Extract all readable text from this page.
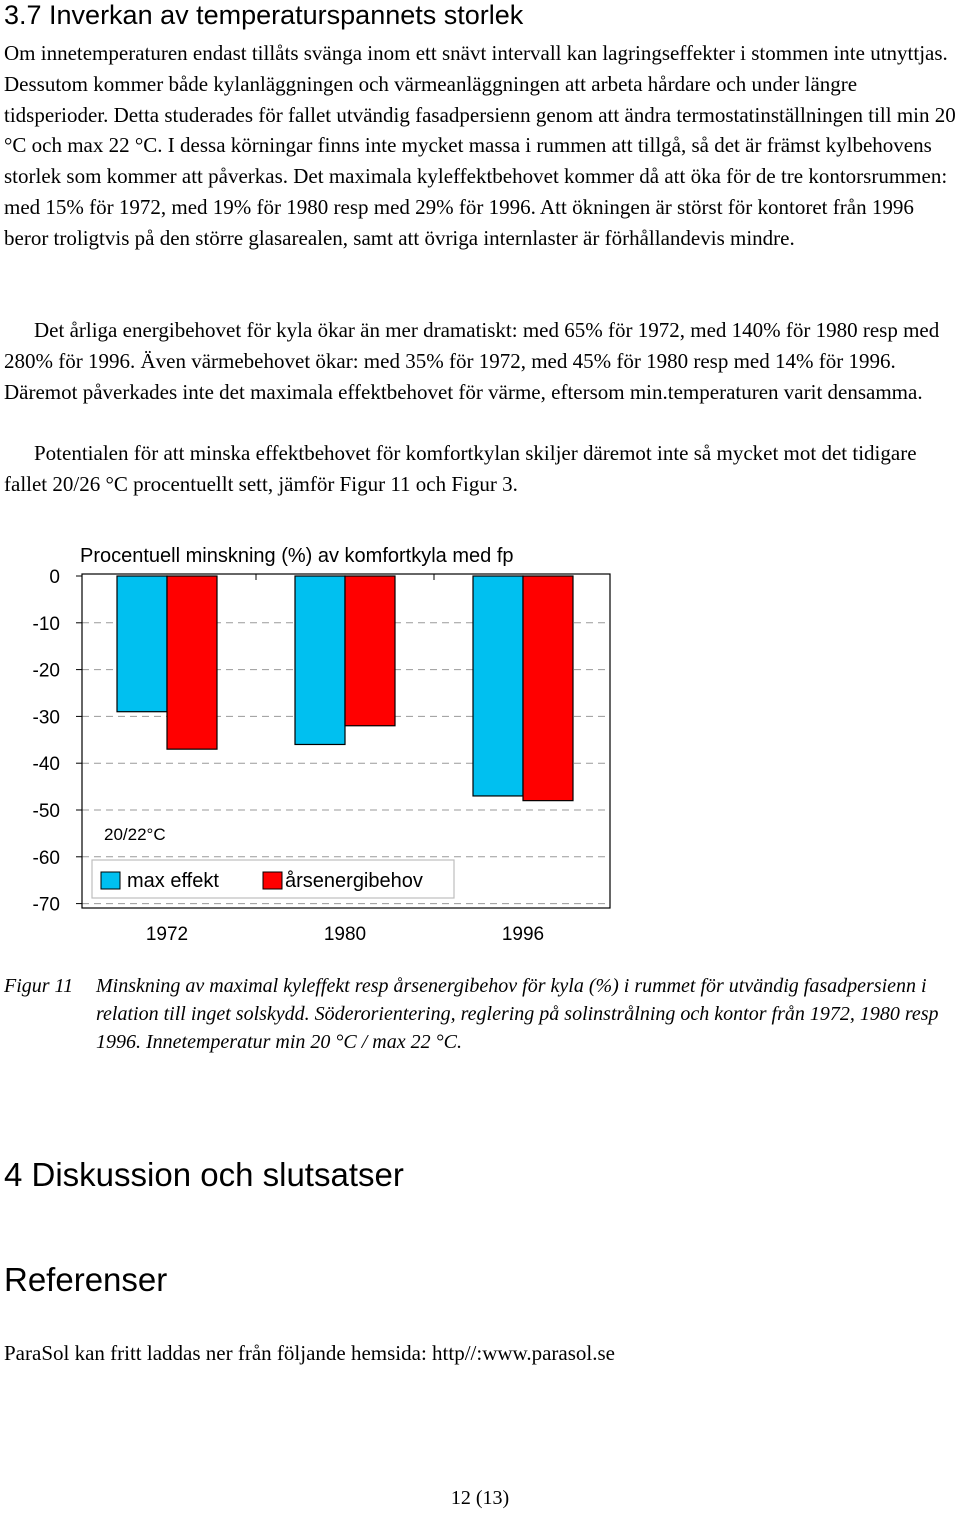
3.7 Inverkan av temperaturspannets storlek

Om innetemperaturen endast tillåts svänga inom ett snävt intervall kan lagringseffekter i stommen inte utnyttjas. Dessutom kommer både kylanläggningen och värmeanläggningen att arbeta hårdare och under längre tidsperioder. Detta studerades för fallet utvändig fasadpersienn genom att ändra termostatinställningen till min 20 °C och max 22 °C. I dessa körningar finns inte mycket massa i rummen att tillgå, så det är främst kylbehovens storlek som kommer att påverkas. Det maximala kyleffektbehovet kommer då att öka för de tre kontorsrummen: med 15% för 1972, med 19% för 1980 resp med 29% för 1996. Att ökningen är störst för kontoret från 1996 beror troligtvis på den större glasarealen, samt att övriga internlaster är förhållandevis mindre.

Det årliga energibehovet för kyla ökar än mer dramatiskt: med 65% för 1972, med 140% för 1980 resp med 280% för 1996. Även värmebehovet ökar: med 35% för 1972, med 45% för 1980 resp med 14% för 1996. Däremot påverkades inte det maximala effektbehovet för värme, eftersom min.temperaturen varit densamma.

Potentialen för att minska effektbehovet för komfortkylan skiljer däremot inte så mycket mot det tidigare fallet 20/26 °C procentuellt sett, jämför Figur 11 och Figur 3.

0
-10
-20
-30
-40
-50
-60
-70
1972	1980	1996
Procentuell minskning (%) av komfortkyla med fp
20/22°C
max effekt	årsenergibehov
Figur 11	Minskning av maximal kyleffekt resp årsenergibehov för kyla (%) i rummet för utvändig fasadpersienn i relation till inget solskydd. Söderorientering, reglering på solinstrålning och kontor från 1972, 1980 resp 1996. Innetemperatur min 20 °C / max 22 °C.
4 Diskussion och slutsatser
Referenser

ParaSol kan fritt laddas ner från följande hemsida: http//:www.parasol.se

12 (13)
